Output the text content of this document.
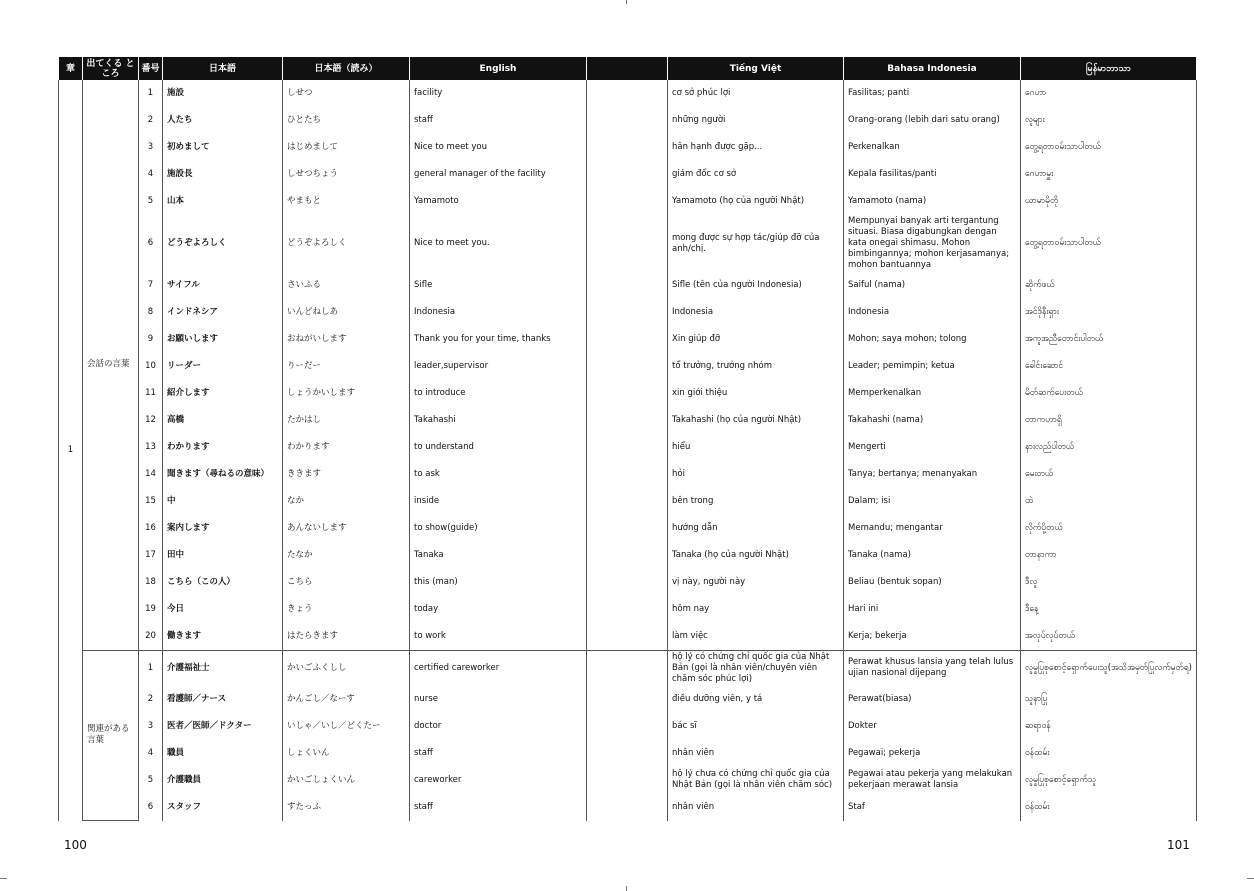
章	出てくる ところ	番号	日本語	日本語（読み）	English		Tiếng Việt	Bahasa Indonesia	မြန်မာဘာသာ
1	会話の言葉	1	施設	しせつ	facility		cơ sở phúc lợi	Fasilitas; panti	ဂေဟာ
		2	人たち	ひとたち	staff		những người	Orang-orang (lebih dari satu orang)	လူများ
		3	初めまして	はじめまして	Nice to meet you		hân hạnh được gặp...	Perkenalkan	တွေ့ရတာဝမ်းသာပါတယ်
		4	施設長	しせつちょう	general manager of the facility		giám đốc cơ sở	Kepala fasilitas/panti	ဂေဟာမှူး
		5	山本	やまもと	Yamamoto		Yamamoto (họ của người Nhật)	Yamamoto (nama)	ယာမာမိုတို
		6	どうぞよろしく	どうぞよろしく	Nice to meet you.		mong được sự hợp tác/giúp đỡ của anh/chị.	Mempunyai banyak arti tergantung situasi. Biasa digabungkan dengan kata onegai shimasu. Mohon bimbingannya; mohon kerjasamanya; mohon bantuannya	တွေ့ရတာဝမ်းသာပါတယ်
		7	サイフル	さいふる	Sifle		Sifle (tên của người Indonesia)	Saiful (nama)	ဆိုက်ဖယ်
		8	インドネシア	いんどねしあ	Indonesia		Indonesia	Indonesia	အင်ဒိုနီးရှား
		9	お願いします	おねがいします	Thank you for your time, thanks		Xin giúp đỡ	Mohon; saya mohon; tolong	အကူအညီတောင်းပါတယ်
		10	リーダー	りーだー	leader,supervisor		tổ trưởng, trưởng nhóm	Leader; pemimpin; ketua	ခေါင်းဆောင်
		11	紹介します	しょうかいします	to introduce		xin giới thiệu	Memperkenalkan	မိတ်ဆက်ပေးတယ်
		12	高橋	たかはし	Takahashi		Takahashi (họ của người Nhật)	Takahashi (nama)	တာကဟာရှိ
		13	わかります	わかります	to understand		hiểu	Mengerti	နားလည်ပါတယ်
		14	聞きます（尋ねるの意味）	ききます	to ask		hỏi	Tanya; bertanya; menanyakan	မေးတယ်
		15	中	なか	inside		bên trong	Dalam; isi	ထဲ
		16	案内します	あんないします	to show(guide)		hướng dẫn	Memandu; mengantar	လိုက်ပို့တယ်
		17	田中	たなか	Tanaka		Tanaka (họ của người Nhật)	Tanaka (nama)	တာနာကာ
		18	こちら（この人）	こちら	this (man)		vị này, người này	Beliau (bentuk sopan)	ဒီလူ
		19	今日	きょう	today		hôm nay	Hari ini	ဒီနေ့
		20	働きます	はたらきます	to work		làm việc	Kerja; bekerja	အလုပ်လုပ်တယ်
	関連がある言葉	1	介護福祉士	かいごふくしし	certified careworker		hộ lý có chứng chỉ quốc gia của Nhật Bản (gọi là nhân viên/chuyên viên chăm sóc phúc lợi)	Perawat khusus lansia yang telah lulus ujian nasional dijepang	လူမှုပြုစုစောင့်ရှောက်ပေးသူ(အသိအမှတ်ပြုလက်မှတ်ရ)
		2	看護師／ナース	かんごし／なーす	nurse		điều dưỡng viên, y tá	Perawat(biasa)	သူနာပြု
		3	医者／医師／ドクター	いしゃ／いし／どくたー	doctor		bác sĩ	Dokter	ဆရာဝန်
		4	職員	しょくいん	staff		nhân viên	Pegawai; pekerja	ဝန်ထမ်း
		5	介護職員	かいごしょくいん	careworker		hộ lý chưa có chứng chỉ quốc gia của Nhật Bản (gọi là nhân viên chăm sóc)	Pegawai atau pekerja yang melakukan pekerjaan merawat lansia	လူမှုပြုစုစောင့်ရှောက်သူ
		6	スタッフ	すたっふ	staff		nhân viên	Staf	ဝန်ထမ်း
100	101
